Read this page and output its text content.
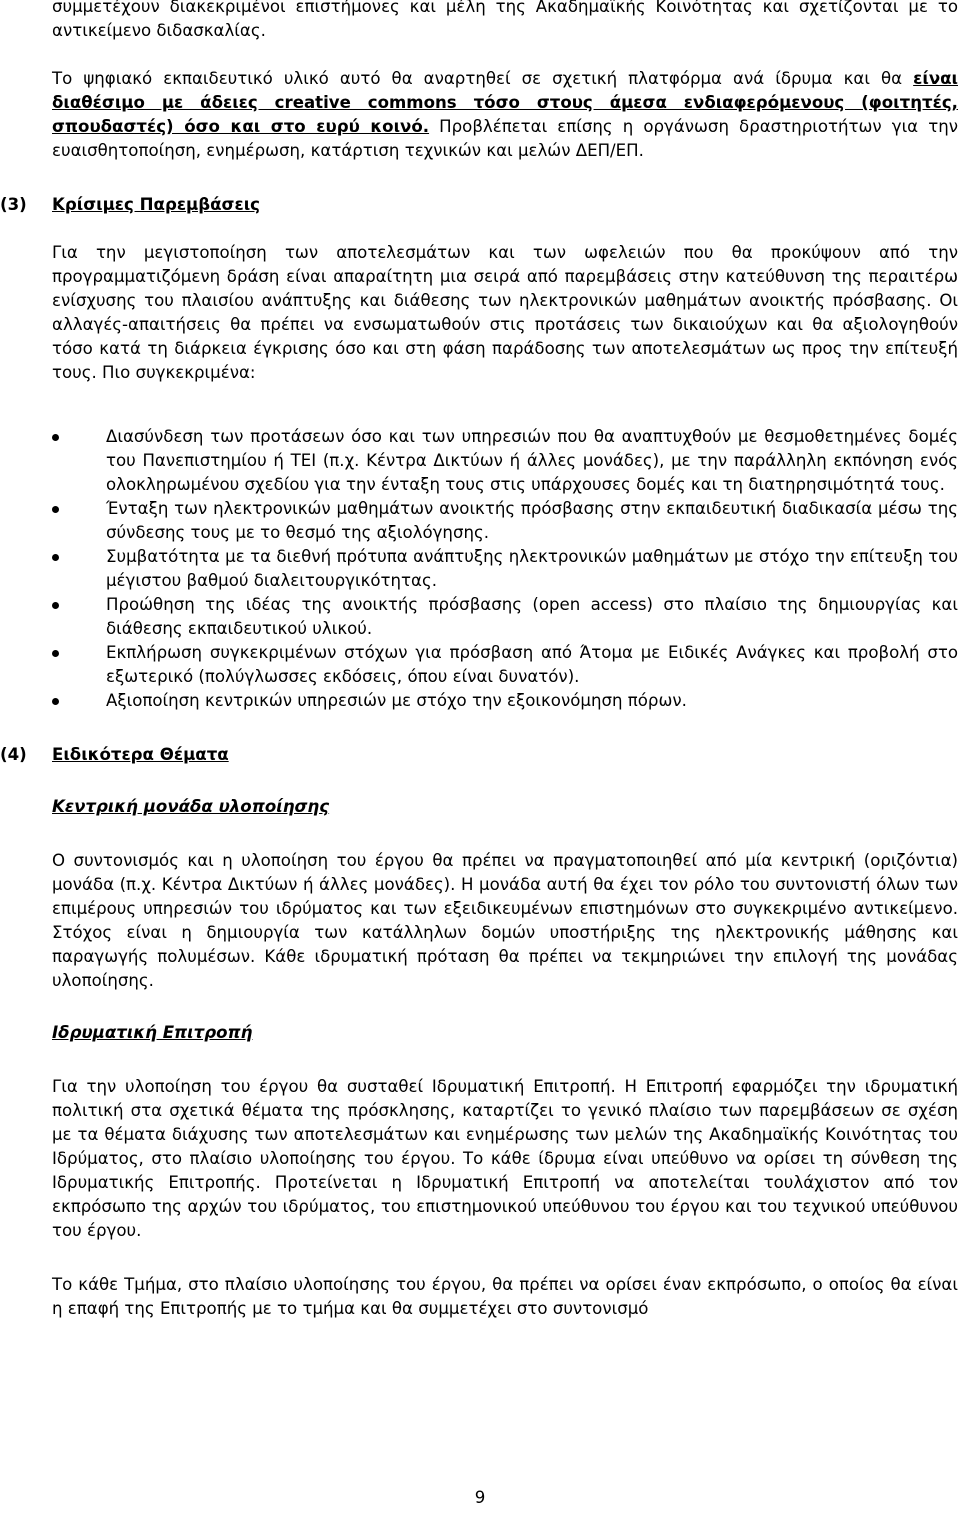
συμμετέχουν διακεκριμένοι επιστήμονες και μέλη της Ακαδημαϊκής Κοινότητας και σχετίζονται με το αντικείμενο διδασκαλίας.

Το ψηφιακό εκπαιδευτικό υλικό αυτό θα αναρτηθεί σε σχετική πλατφόρμα ανά ίδρυμα και θα είναι διαθέσιμο με άδειες creative commons τόσο στους άμεσα ενδιαφερόμενους (φοιτητές, σπουδαστές) όσο και στο ευρύ κοινό. Προβλέπεται επίσης η οργάνωση δραστηριοτήτων για την ευαισθητοποίηση, ενημέρωση, κατάρτιση τεχνικών και μελών ΔΕΠ/ΕΠ.

(3) Κρίσιμες Παρεμβάσεις

Για την μεγιστοποίηση των αποτελεσμάτων και των ωφελειών που θα προκύψουν από την προγραμματιζόμενη δράση είναι απαραίτητη μια σειρά από παρεμβάσεις στην κατεύθυνση της περαιτέρω ενίσχυσης του πλαισίου ανάπτυξης και διάθεσης των ηλεκτρονικών μαθημάτων ανοικτής πρόσβασης. Οι αλλαγές-απαιτήσεις θα πρέπει να ενσωματωθούν στις προτάσεις των δικαιούχων και θα αξιολογηθούν τόσο κατά τη διάρκεια έγκρισης όσο και στη φάση παράδοσης των αποτελεσμάτων ως προς την επίτευξή τους. Πιο συγκεκριμένα:

Διασύνδεση των προτάσεων όσο και των υπηρεσιών που θα αναπτυχθούν με θεσμοθετημένες δομές του Πανεπιστημίου ή ΤΕΙ (π.χ. Κέντρα Δικτύων ή άλλες μονάδες), με την παράλληλη εκπόνηση ενός ολοκληρωμένου σχεδίου για την ένταξη τους στις υπάρχουσες δομές και τη διατηρησιμότητά τους.
Ένταξη των ηλεκτρονικών μαθημάτων ανοικτής πρόσβασης στην εκπαιδευτική διαδικασία μέσω της σύνδεσης τους με το θεσμό της αξιολόγησης.
Συμβατότητα με τα διεθνή πρότυπα ανάπτυξης ηλεκτρονικών μαθημάτων με στόχο την επίτευξη του μέγιστου βαθμού διαλειτουργικότητας.
Προώθηση της ιδέας της ανοικτής πρόσβασης (open access) στο πλαίσιο της δημιουργίας και διάθεσης εκπαιδευτικού υλικού.
Εκπλήρωση συγκεκριμένων στόχων για πρόσβαση από Άτομα με Ειδικές Ανάγκες και προβολή στο εξωτερικό (πολύγλωσσες εκδόσεις, όπου είναι δυνατόν).
Αξιοποίηση κεντρικών υπηρεσιών με στόχο την εξοικονόμηση πόρων.
(4) Ειδικότερα Θέματα

Κεντρική μονάδα υλοποίησης

Ο συντονισμός και η υλοποίηση του έργου θα πρέπει να πραγματοποιηθεί από μία κεντρική (οριζόντια) μονάδα (π.χ. Κέντρα Δικτύων ή άλλες μονάδες). Η μονάδα αυτή θα έχει τον ρόλο του συντονιστή όλων των επιμέρους υπηρεσιών του ιδρύματος και των εξειδικευμένων επιστημόνων στο συγκεκριμένο αντικείμενο. Στόχος είναι η δημιουργία των κατάλληλων δομών υποστήριξης της ηλεκτρονικής μάθησης και παραγωγής πολυμέσων. Κάθε ιδρυματική πρόταση θα πρέπει να τεκμηριώνει την επιλογή της μονάδας υλοποίησης.

Ιδρυματική Επιτροπή

Για την υλοποίηση του έργου θα συσταθεί Ιδρυματική Επιτροπή. Η Επιτροπή εφαρμόζει την ιδρυματική πολιτική στα σχετικά θέματα της πρόσκλησης, καταρτίζει το γενικό πλαίσιο των παρεμβάσεων σε σχέση με τα θέματα διάχυσης των αποτελεσμάτων και ενημέρωσης των μελών της Ακαδημαϊκής Κοινότητας του Ιδρύματος, στο πλαίσιο υλοποίησης του έργου. Το κάθε ίδρυμα είναι υπεύθυνο να ορίσει τη σύνθεση της Ιδρυματικής Επιτροπής. Προτείνεται η Ιδρυματική Επιτροπή να αποτελείται τουλάχιστον από τον εκπρόσωπο της αρχών του ιδρύματος, του επιστημονικού υπεύθυνου του έργου και του τεχνικού υπεύθυνου του έργου.

Το κάθε Τμήμα, στο πλαίσιο υλοποίησης του έργου, θα πρέπει να ορίσει έναν εκπρόσωπο, ο οποίος θα είναι η επαφή της Επιτροπής με το τμήμα και θα συμμετέχει στο συντονισμό

9
